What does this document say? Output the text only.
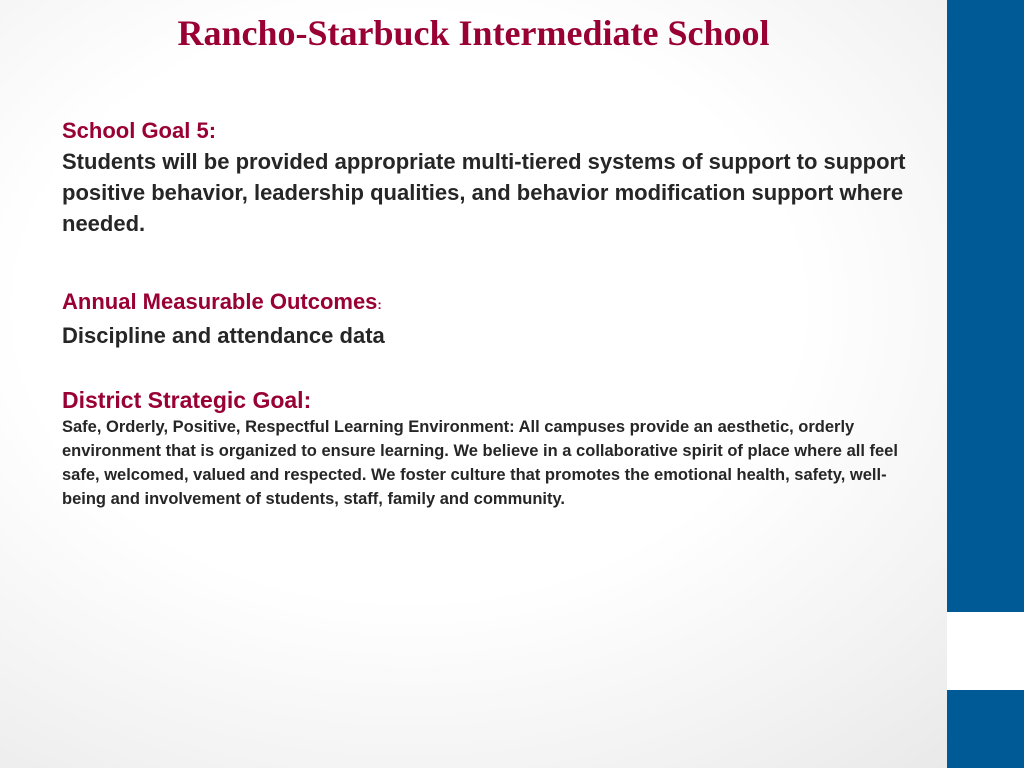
Rancho-Starbuck Intermediate School

School Goal 5:

Students will be provided appropriate multi-tiered systems of support to support positive behavior, leadership qualities, and behavior modification support where needed.

Annual Measurable Outcomes:

Discipline and attendance data

District Strategic Goal:

Safe, Orderly, Positive, Respectful Learning Environment: All campuses provide an aesthetic, orderly environment that is organized to ensure learning. We believe in a collaborative spirit of place where all feel safe, welcomed, valued and respected. We foster culture that promotes the emotional health, safety, well-being and involvement of students, staff, family and community.
